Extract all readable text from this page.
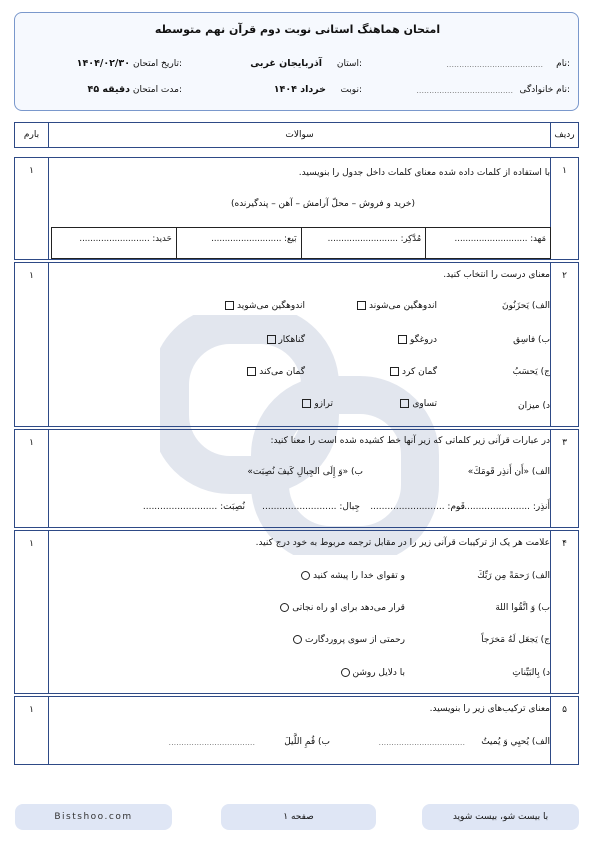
امتحان هماهنگ استانی نوبت دوم قرآن نهم متوسطه
نام:
......................................
استان:
آذربایجان غربی
تاریخ امتحان:
۱۴۰۴/۰۲/۳۰
نام خانوادگی:
......................................
نوبت:
خرداد ۱۴۰۴
مدت امتحان:
۴۵ دقیقه
بارم	سوالات	ردیف
۱	۱
با استفاده از کلمات داده شده معنای کلمات داخل جدول را بنویسید.
(خرید و فروش – محلّ آرامش – آهن – پندگیرنده)
مَهد: ...........................
مُدَّکِر: ..........................
بَیع: ..........................
حَدید: ..........................
۱	۲
معنای درست را انتخاب کنید.
الف) يَحزَنُونَ
اندوهگین می‌شوند
اندوهگین می‌شوید
ب) فاسِق
دروغگو
گناهکار
ج) يَحسَبُ
گمان کرد
گمان می‌کند
د) ميزان
تساوی
ترازو
۱	۳
در عبارات قرآنی زیر کلماتی که زیر آنها خط کشیده شده است را معنا کنید:
الف) «أَن أَنذِر قَومَكَ»
ب) «وَ إِلَى الجِبالِ كَيفَ نُصِبَت»
أَنذِر: ..........................
قَوم: ..........................
جِبال: ..........................
نُصِبَت: ..........................
۱	۴
علامت هر یک از ترکیبات قرآنی زیر را در مقابل ترجمه مربوط به خود درج کنید.
الف) رَحمَةً مِن رَبِّكَ
و تقوای خدا را پیشه کنید
ب) وَ اتَّقُوا اللهَ
قرار می‌دهد برای او راه نجاتی
ج) يَجعَل لَهُ مَخرَجاً
رحمتی از سوی پروردگارت
د) بِالبَيِّناتِ
با دلایل روشن
۱	۵
معنای ترکیب‌های زیر را بنویسید.
الف) يُحيِي وَ يُميتُ
..................................
ب) قُمِ اللَّيلَ
..................................
Bistshoo.com	صفحه ۱	با بیست شو، بیست شوید
